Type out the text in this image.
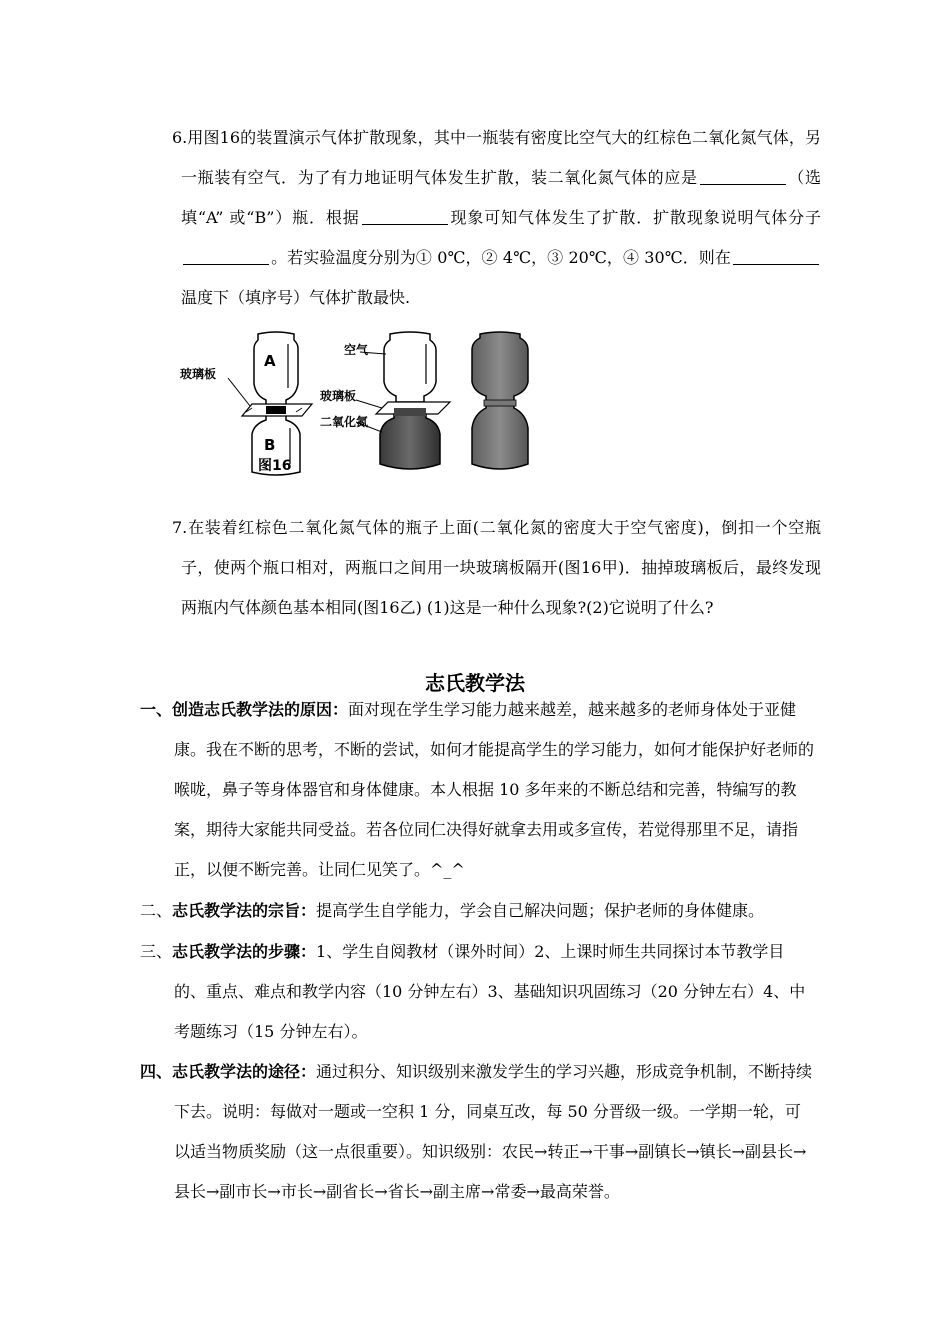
6.用图16的装置演示气体扩散现象，其中一瓶装有密度比空气大的红棕色二氧化氮气体，另一瓶装有空气．为了有力地证明气体发生扩散，装二氧化氮气体的应是	（选填“A” 或“B”）瓶．根据	现象可知气体发生了扩散．扩散现象说明气体分子。若实验温度分别为① 0℃，② 4℃，③ 20℃，④ 30℃．则在温度下（填序号）气体扩散最快.

A
B
玻璃板
图16
空气
玻璃板
二氧化氮

7.在装着红棕色二氧化氮气体的瓶子上面(二氧化氮的密度大于空气密度)，倒扣一个空瓶子，使两个瓶口相对，两瓶口之间用一块玻璃板隔开(图16甲)．抽掉玻璃板后，最终发现两瓶内气体颜色基本相同(图16乙) (1)这是一种什么现象?(2)它说明了什么?

志氏教学法

一、创造志氏教学法的原因：面对现在学生学习能力越来越差，越来越多的老师身体处于亚健康。我在不断的思考，不断的尝试，如何才能提高学生的学习能力，如何才能保护好老师的喉咙，鼻子等身体器官和身体健康。本人根据 10 多年来的不断总结和完善，特编写的教案，期待大家能共同受益。若各位同仁决得好就拿去用或多宣传，若觉得那里不足，请指正，以便不断完善。让同仁见笑了。^_^

二、志氏教学法的宗旨：提高学生自学能力，学会自己解决问题；保护老师的身体健康。

三、志氏教学法的步骤：1、学生自阅教材（课外时间）2、上课时师生共同探讨本节教学目的、重点、难点和教学内容（10 分钟左右）3、基础知识巩固练习（20 分钟左右）4、中考题练习（15 分钟左右）。

四、志氏教学法的途径：通过积分、知识级别来激发学生的学习兴趣，形成竞争机制，不断持续下去。说明：每做对一题或一空积 1 分，同桌互改，每 50 分晋级一级。一学期一轮，可以适当物质奖励（这一点很重要）。知识级别：农民→转正→干事→副镇长→镇长→副县长→县长→副市长→市长→副省长→省长→副主席→常委→最高荣誉。
